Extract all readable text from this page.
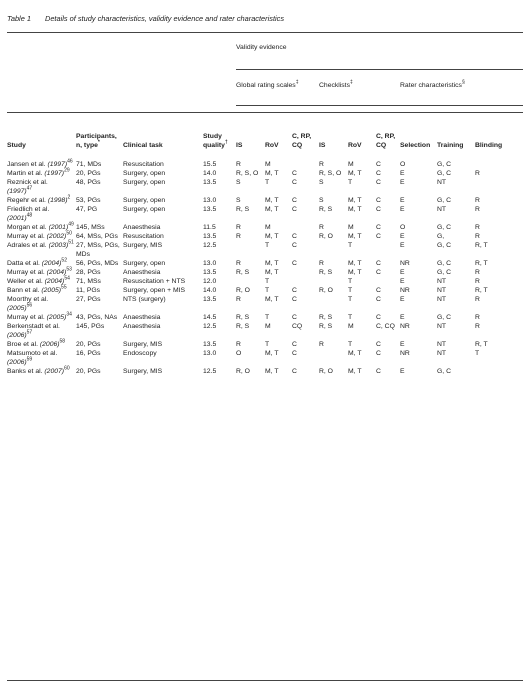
Table 1 Details of study characteristics, validity evidence and rater characteristics
				Validity evidence								
				Global rating scales‡			Checklists‡			Rater characteristics§
Study	Participants, n, type*	Clinical task	Study quality†	IS	RoV	C, RP, CQ	IS	RoV	C, RP, CQ	Selection	Training	Blinding
Jansen et al. $(1997)^{46}$	71, MDs	Resuscitation	15.5	R	M		R	M	C	O	G, C	
Martin et al. $(1997)^{29}$	20, PGs	Surgery, open	14.0	R, S, O	M, T	C	R, S, O	M, T	C	E	G, C	R
Reznick et al. $(1997)^{47}$	48, PGs	Surgery, open	13.5	S	T	C	S	T	C	E	NT	
Regehr et al. $(1998)^2$	53, PGs	Surgery, open	13.0	S	M, T	C	S	M, T	C	E	G, C	R
Friedlich et al. $(2001)^{48}$	47, PG	Surgery, open	13.5	R, S	M, T	C	R, S	M, T	C	E	NT	R
Morgan et al. $(2001)^{49}$	145, MSs	Anaesthesia	11.5	R	M		R	M	C	O	G, C	R
Murray et al. $(2002)^{50}$	64, MSs, PGs	Resuscitation	13.5	R	M, T	C	R, O	M, T	C	E	G,	R
Adrales et al. $(2003)^{51}$	27, MSs, PGs, MDs	Surgery, MIS	12.5		T	C		T		E	G, C	R, T
Datta et al. $(2004)^{52}$	56, PGs, MDs	Surgery, open	13.0	R	M, T	C	R	M, T	C	NR	G, C	R, T
Murray et al. $(2004)^{53}$	28, PGs	Anaesthesia	13.5	R, S	M, T		R, S	M, T	C	E	G, C	R
Weller et al. $(2004)^{54}$	71, MSs	Resuscitation + NTS	12.0		T			T		E	NT	R
Bann et al. $(2005)^{55}$	11, PGs	Surgery, open + MIS	14.0	R, O	T	C	R, O	T	C	NR	NT	R, T
Moorthy et al. $(2005)^{56}$	27, PGs	NTS (surgery)	13.5	R	M, T	C		T	C	E	NT	R
Murray et al. $(2005)^{34}$	43, PGs, NAs	Anaesthesia	14.5	R, S	T	C	R, S	T	C	E	G, C	R
Berkenstadt et al. $(2006)^{57}$	145, PGs	Anaesthesia	12.5	R, S	M	CQ	R, S	M	C, CQ	NR	NT	R
Broe et al. $(2006)^{58}$	20, PGs	Surgery, MIS	13.5	R	T	C	R	T	C	E	NT	R, T
Matsumoto et al. $(2006)^{59}$	16, PGs	Endoscopy	13.0	O	M, T	C		M, T	C	NR	NT	T
Banks et al. $(2007)^{60}$	20, PGs	Surgery, MIS	12.5	R, O	M, T	C	R, O	M, T	C	E	G, C	
